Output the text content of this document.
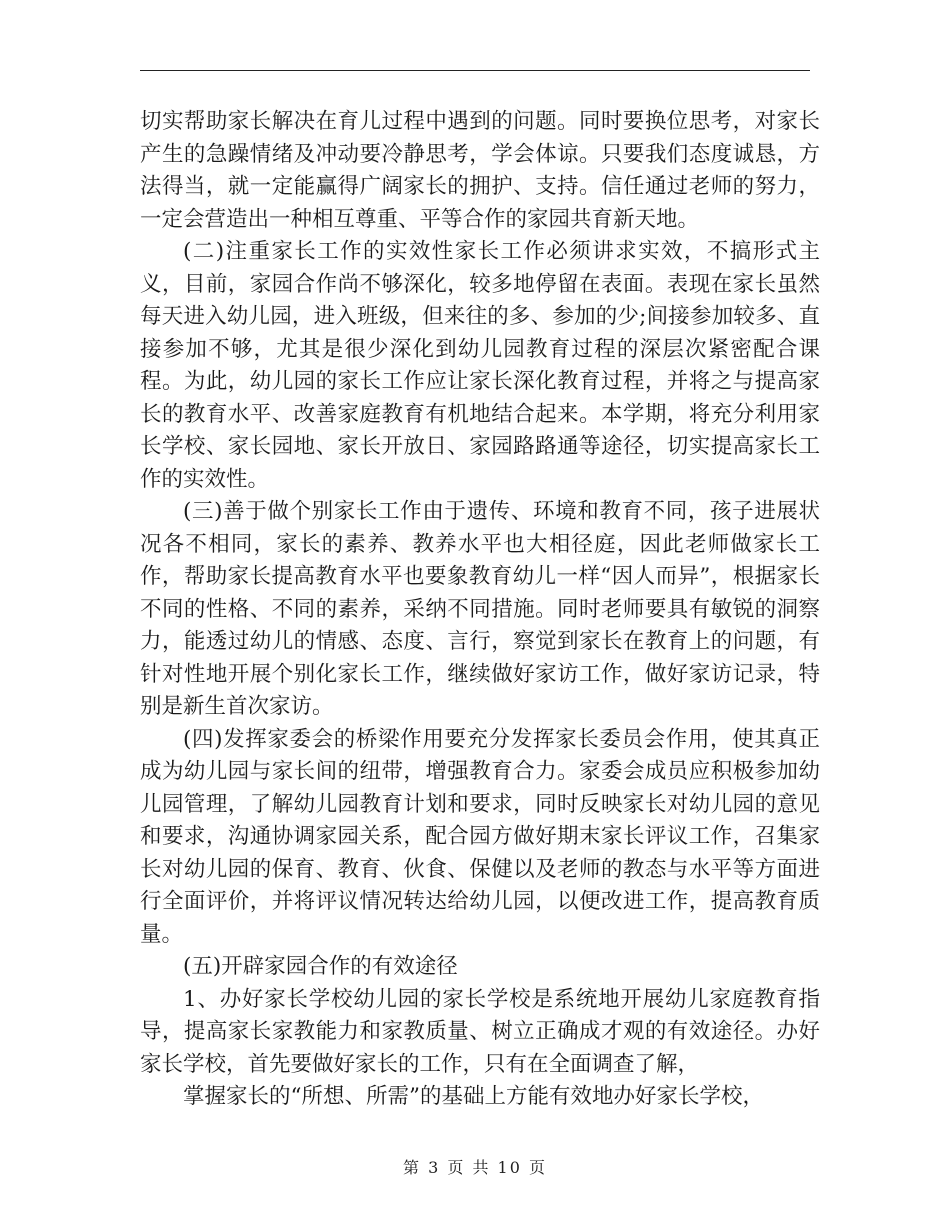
切实帮助家长解决在育儿过程中遇到的问题。同时要换位思考，对家长产生的急躁情绪及冲动要冷静思考，学会体谅。只要我们态度诚恳，方法得当，就一定能赢得广阔家长的拥护、支持。信任通过老师的努力，一定会营造出一种相互尊重、平等合作的家园共育新天地。

(二)注重家长工作的实效性家长工作必须讲求实效，不搞形式主义，目前，家园合作尚不够深化，较多地停留在表面。表现在家长虽然每天进入幼儿园，进入班级，但来往的多、参加的少;间接参加较多、直接参加不够，尤其是很少深化到幼儿园教育过程的深层次紧密配合课程。为此，幼儿园的家长工作应让家长深化教育过程，并将之与提高家长的教育水平、改善家庭教育有机地结合起来。本学期，将充分利用家长学校、家长园地、家长开放日、家园路路通等途径，切实提高家长工作的实效性。

(三)善于做个别家长工作由于遗传、环境和教育不同，孩子进展状况各不相同，家长的素养、教养水平也大相径庭，因此老师做家长工作，帮助家长提高教育水平也要象教育幼儿一样“因人而异”，根据家长不同的性格、不同的素养，采纳不同措施。同时老师要具有敏锐的洞察力，能透过幼儿的情感、态度、言行，察觉到家长在教育上的问题，有针对性地开展个别化家长工作，继续做好家访工作，做好家访记录，特别是新生首次家访。

(四)发挥家委会的桥梁作用要充分发挥家长委员会作用，使其真正成为幼儿园与家长间的纽带，增强教育合力。家委会成员应积极参加幼儿园管理，了解幼儿园教育计划和要求，同时反映家长对幼儿园的意见和要求，沟通协调家园关系，配合园方做好期末家长评议工作，召集家长对幼儿园的保育、教育、伙食、保健以及老师的教态与水平等方面进行全面评价，并将评议情况转达给幼儿园，以便改进工作，提高教育质量。

(五)开辟家园合作的有效途径

1、办好家长学校幼儿园的家长学校是系统地开展幼儿家庭教育指导，提高家长家教能力和家教质量、树立正确成才观的有效途径。办好家长学校，首先要做好家长的工作，只有在全面调查了解，

掌握家长的“所想、所需”的基础上方能有效地办好家长学校，

第 3 页 共 10 页
